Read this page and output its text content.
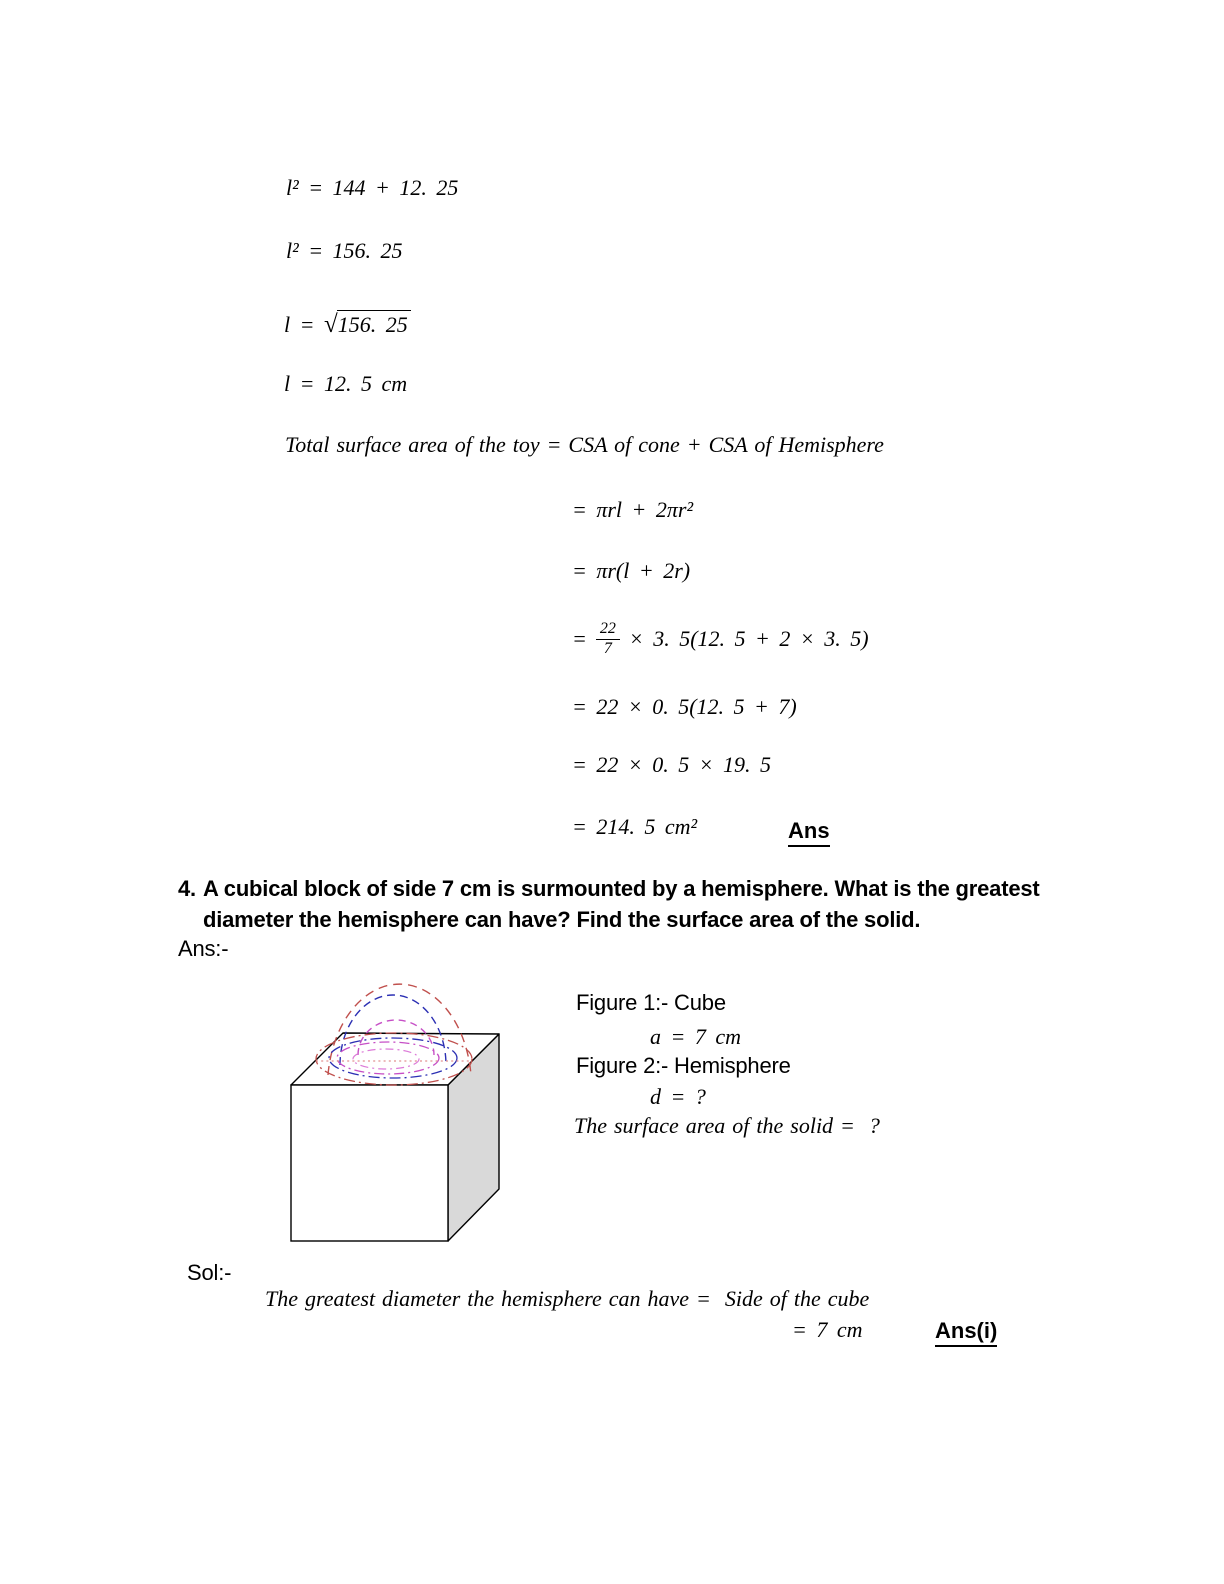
l² = 144 + 12. 25
l² = 156. 25
l = √156. 25
l = 12. 5 cm
Total surface area of the toy = CSA of cone + CSA of Hemisphere
= πrl + 2πr²
= πr(l + 2r)
= $\frac{22}{7} \times 3$. 5(12. 5 + 2 × 3. 5)
= 22 × 0. 5(12. 5 + 7)
= 22 × 0. 5 × 19. 5
= 214. 5 cm²	Ans
4. A cubical block of side 7 cm is surmounted by a hemisphere. What is the greatest
diameter the hemisphere can have? Find the surface area of the solid.
Ans:-
Figure 1:- Cube
a = 7 cm
Figure 2:- Hemisphere
d = ?
The surface area of the solid =  ?
Sol:-
The greatest diameter the hemisphere can have =  Side of the cube
= 7 cm	Ans(i)
